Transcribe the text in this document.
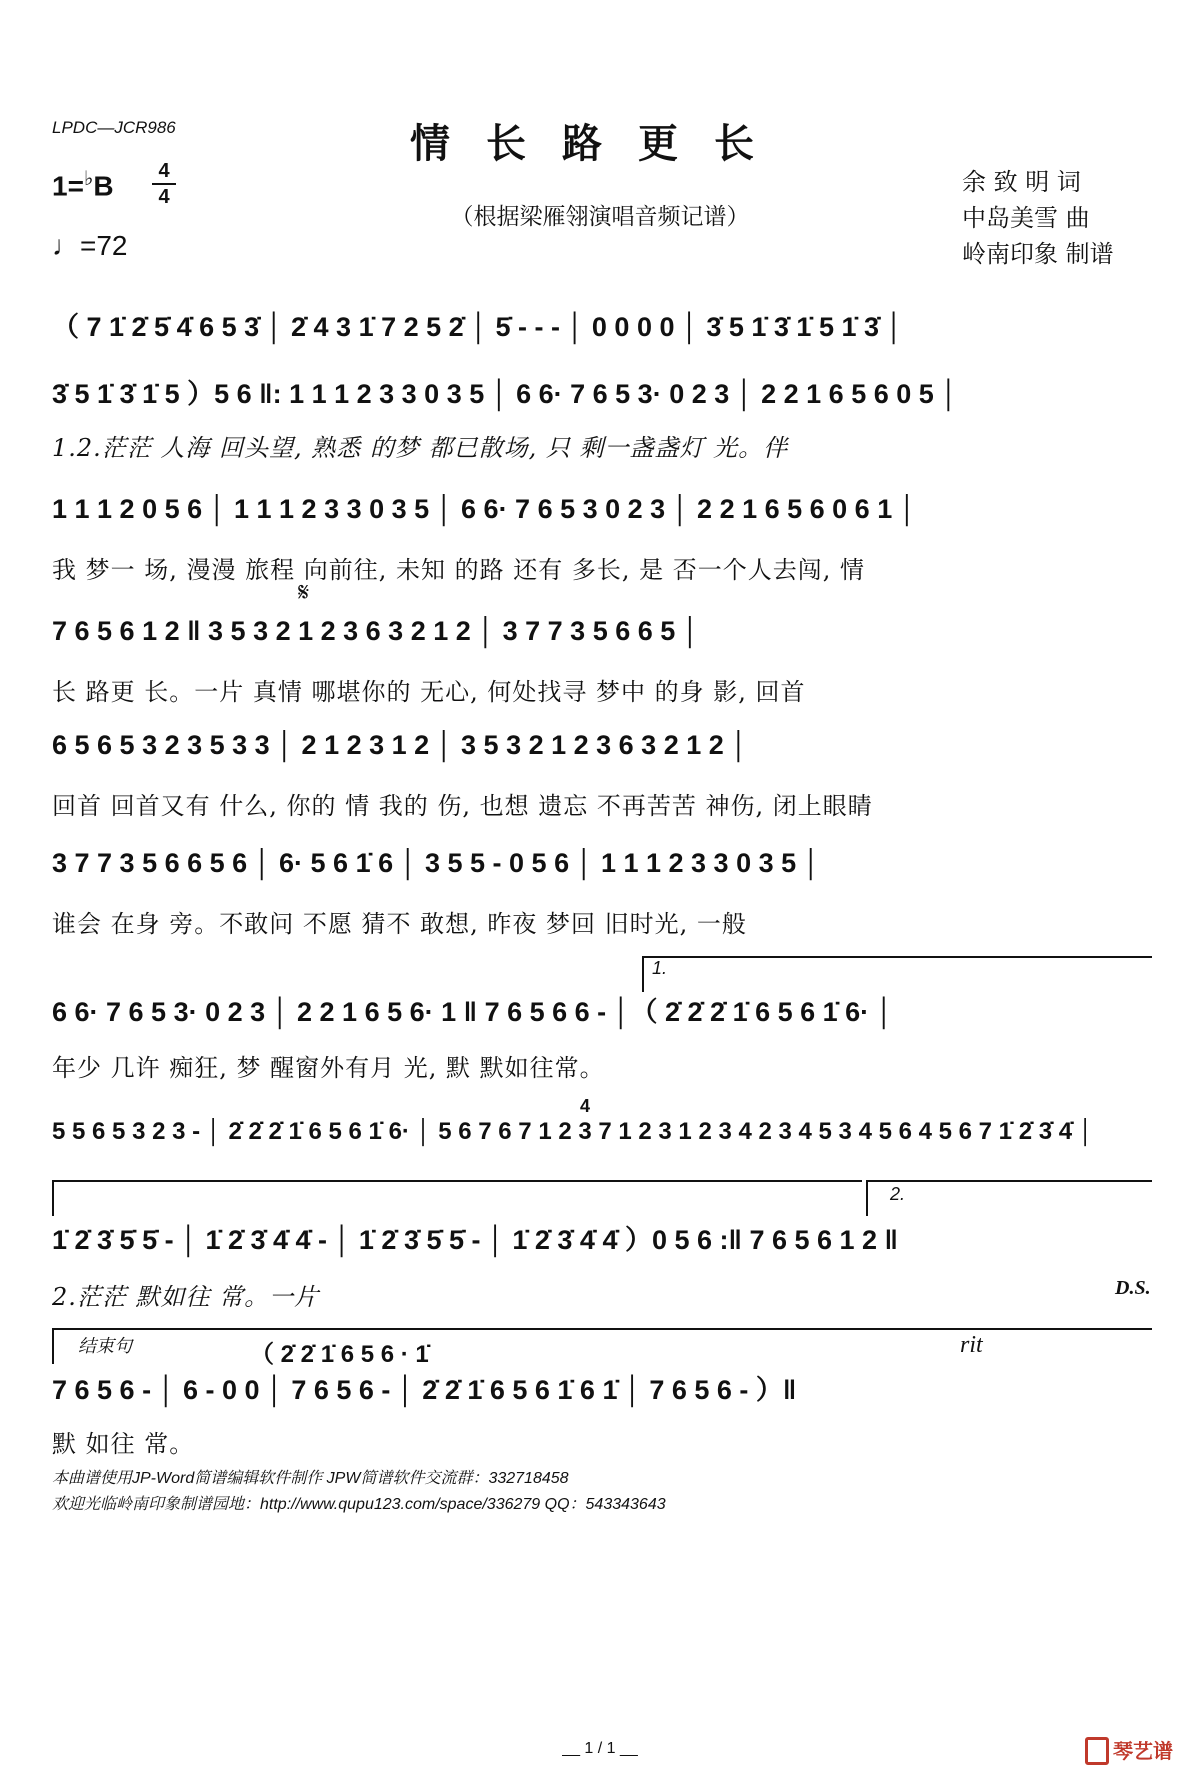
LPDC—JCR986	情长路更长
（根据梁雁翎演唱音频记谱）
1=♭B	4
4
♩=72
余 致 明 词
中岛美雪 曲
岭南印象 制谱
（ 7 1̇ 2̇ 5̇ 4̇ 6 5 3̇ │ 2̇ 4 3 1̇ 7 2 5 2̇ │ 5̇ - - - │ 0 0 0 0 │ 3̇ 5 1̇ 3̇ 1̇ 5 1̇ 3̇ │
3̇ 5 1̇ 3̇ 1̇ 5 ）5 6 ‖: 1 1 1 2 3 3 0 3 5 │ 6 6· 7 6 5 3· 0 2 3 │ 2 2 1 6 5 6 0 5 │
1.2.茫茫 人海 回头望, 熟悉 的梦 都已散场, 只 剩一盏盏灯 光。伴
1 1 1 2 0 5 6 │ 1 1 1 2 3 3 0 3 5 │ 6 6· 7 6 5 3 0 2 3 │ 2 2 1 6 5 6 0 6 1 │
我 梦一 场, 漫漫 旅程 向前往, 未知 的路 还有 多长, 是 否一个人去闯, 情
𝄋
7 6 5 6 1 2 ‖ 3 5 3 2 1 2 3 6 3 2 1 2 │ 3 7 7 3 5 6 6 5 │
长 路更 长。一片 真情 哪堪你的 无心, 何处找寻 梦中 的身 影, 回首
6 5 6 5 3 2 3 5 3 3 │ 2 1 2 3 1 2 │ 3 5 3 2 1 2 3 6 3 2 1 2 │
回首 回首又有 什么, 你的 情 我的 伤, 也想 遗忘 不再苦苦 神伤, 闭上眼睛
3 7 7 3 5 6 6 5 6 │ 6· 5 6 1̇ 6 │ 3 5 5 - 0 5 6 │ 1 1 1 2 3 3 0 3 5 │
谁会 在身 旁。不敢问 不愿 猜不 敢想, 昨夜 梦回 旧时光, 一般
1.
6 6· 7 6 5 3· 0 2 3 │ 2 2 1 6 5 6· 1 ‖ 7 6 5 6 6 - │（ 2̇ 2̇ 2̇ 1̇ 6 5 6 1̇ 6· │
年少 几许 痴狂, 梦 醒窗外有月 光, 默 默如往常。
4
5 5 6 5 3 2 3 - │ 2̇ 2̇ 2̇ 1̇ 6 5 6 1̇ 6· │ 5 6 7 6 7 1 2 3 7 1 2 3 1 2 3 4 2 3 4 5 3 4 5 6 4 5 6 7 1̇ 2̇ 3̇ 4̇ │
2.
1̇ 2̇ 3̇ 5̇ 5̇ - │ 1̇ 2̇ 3̇ 4̇ 4̇ - │ 1̇ 2̇ 3̇ 5̇ 5̇ - │ 1̇ 2̇ 3̇ 4̇ 4̇ ）0 5 6 :‖ 7 6 5 6 1 2 ‖
2.茫茫 默如往 常。一片	D.S.
结束句	（ 2̇ 2̇ 1̇ 6 5 6 · 1̇	rit
7 6 5 6 - │ 6 - 0 0 │ 7 6 5 6 - │ 2̇ 2̇ 1̇ 6 5 6 1̇ 6 1̇ │ 7 6 5 6 - ）‖
默 如往 常。
本曲谱使用JP-Word简谱编辑软件制作 JPW简谱软件交流群：332718458
欢迎光临岭南印象制谱园地：http://www.qupu123.com/space/336279 QQ：543343643
__ 1 / 1 __	琴艺谱
